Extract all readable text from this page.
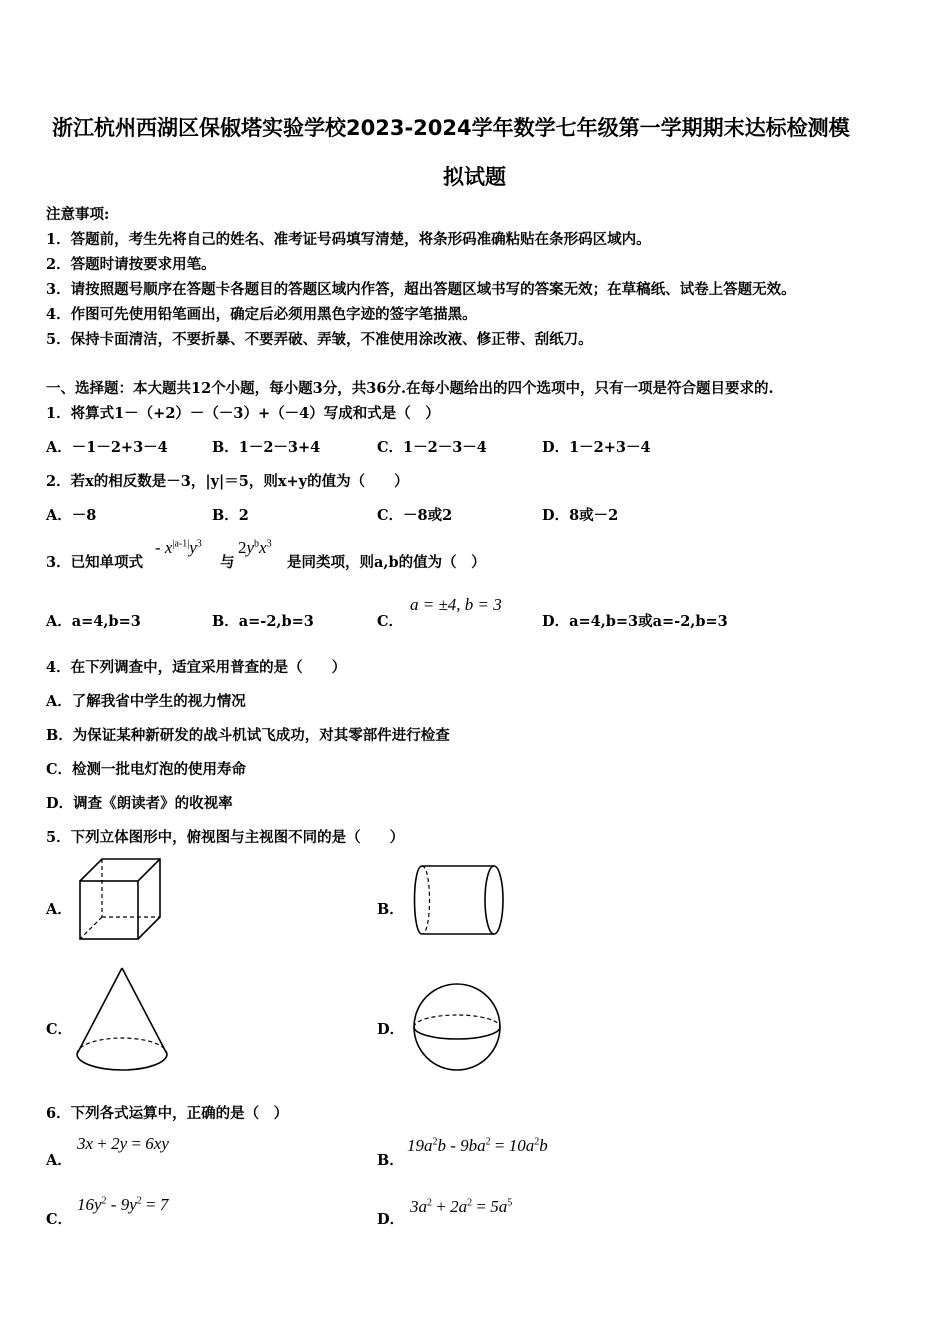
浙江杭州西湖区保俶塔实验学校2023-2024学年数学七年级第一学期期末达标检测模
拟试题
注意事项:
1．答题前，考生先将自己的姓名、准考证号码填写清楚，将条形码准确粘贴在条形码区域内。
2．答题时请按要求用笔。
3．请按照题号顺序在答题卡各题目的答题区域内作答，超出答题区域书写的答案无效；在草稿纸、试卷上答题无效。
4．作图可先使用铅笔画出，确定后必须用黑色字迹的签字笔描黑。
5．保持卡面清洁，不要折暴、不要弄破、弄皱，不准使用涂改液、修正带、刮纸刀。
一、选择题：本大题共12个小题，每小题3分，共36分.在每小题给出的四个选项中，只有一项是符合题目要求的.
1．将算式1－（+2）－（－3）+（－4）写成和式是（　）
A．－1－2+3－4	B．1－2－3+4	C．1－2－3－4	D．1－2+3－4
2．若x的相反数是－3，|y|＝5，则x+y的值为（　　）
A．－8	B．2	C．－8或2	D．8或－2
3．已知单项式
- $x^{|a-1|}y^3$
与
$2y^bx^3$
是同类项，则a,b的值为（　）
A．a=4,b=3	B．a=-2,b=3	C．
a = ±4, b = 3
D．a=4,b=3或a=-2,b=3
4．在下列调查中，适宜采用普查的是（　　）
A．了解我省中学生的视力情况
B．为保证某种新研发的战斗机试飞成功，对其零部件进行检查
C．检测一批电灯泡的使用寿命
D．调查《朗读者》的收视率
5．下列立体图形中，俯视图与主视图不同的是（　　）
A．	B．
C．	D．
6．下列各式运算中，正确的是（　）
A．
3x + 2y = 6xy
B．
$19a^2b - 9ba^2 = 10a^2b$
C．
$16y^2 - 9y^2 = 7$
D．
$3a^2 + 2a^2 = 5a^5$
